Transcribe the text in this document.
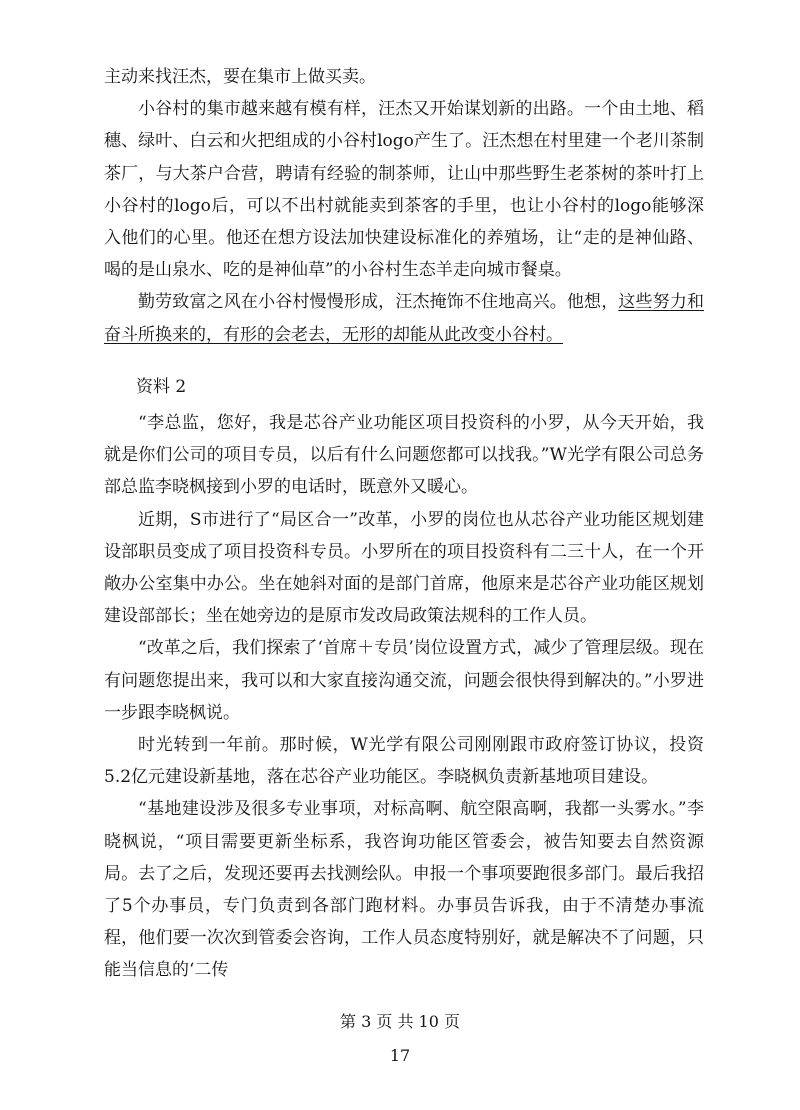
主动来找汪杰，要在集市上做买卖。

小谷村的集市越来越有模有样，汪杰又开始谋划新的出路。一个由土地、稻穗、绿叶、白云和火把组成的小谷村logo产生了。汪杰想在村里建一个老川茶制茶厂，与大茶户合营，聘请有经验的制茶师，让山中那些野生老茶树的茶叶打上小谷村的logo后，可以不出村就能卖到茶客的手里，也让小谷村的logo能够深入他们的心里。他还在想方设法加快建设标准化的养殖场，让“走的是神仙路、喝的是山泉水、吃的是神仙草”的小谷村生态羊走向城市餐桌。

勤劳致富之风在小谷村慢慢形成，汪杰掩饰不住地高兴。他想，这些努力和奋斗所换来的，有形的会老去，无形的却能从此改变小谷村。

资料 2

“李总监，您好，我是芯谷产业功能区项目投资科的小罗，从今天开始，我就是你们公司的项目专员，以后有什么问题您都可以找我。”W光学有限公司总务部总监李晓枫接到小罗的电话时，既意外又暖心。

近期，S市进行了“局区合一”改革，小罗的岗位也从芯谷产业功能区规划建设部职员变成了项目投资科专员。小罗所在的项目投资科有二三十人，在一个开敞办公室集中办公。坐在她斜对面的是部门首席，他原来是芯谷产业功能区规划建设部部长；坐在她旁边的是原市发改局政策法规科的工作人员。

“改革之后，我们探索了‘首席＋专员’岗位设置方式，减少了管理层级。现在有问题您提出来，我可以和大家直接沟通交流，问题会很快得到解决的。”小罗进一步跟李晓枫说。

时光转到一年前。那时候，W光学有限公司刚刚跟市政府签订协议，投资5.2亿元建设新基地，落在芯谷产业功能区。李晓枫负责新基地项目建设。

“基地建设涉及很多专业事项，对标高啊、航空限高啊，我都一头雾水。”李晓枫说，“项目需要更新坐标系，我咨询功能区管委会，被告知要去自然资源局。去了之后，发现还要再去找测绘队。申报一个事项要跑很多部门。最后我招了5个办事员，专门负责到各部门跑材料。办事员告诉我，由于不清楚办事流程，他们要一次次到管委会咨询，工作人员态度特别好，就是解决不了问题，只能当信息的‘二传

第 3 页 共 10 页
17
